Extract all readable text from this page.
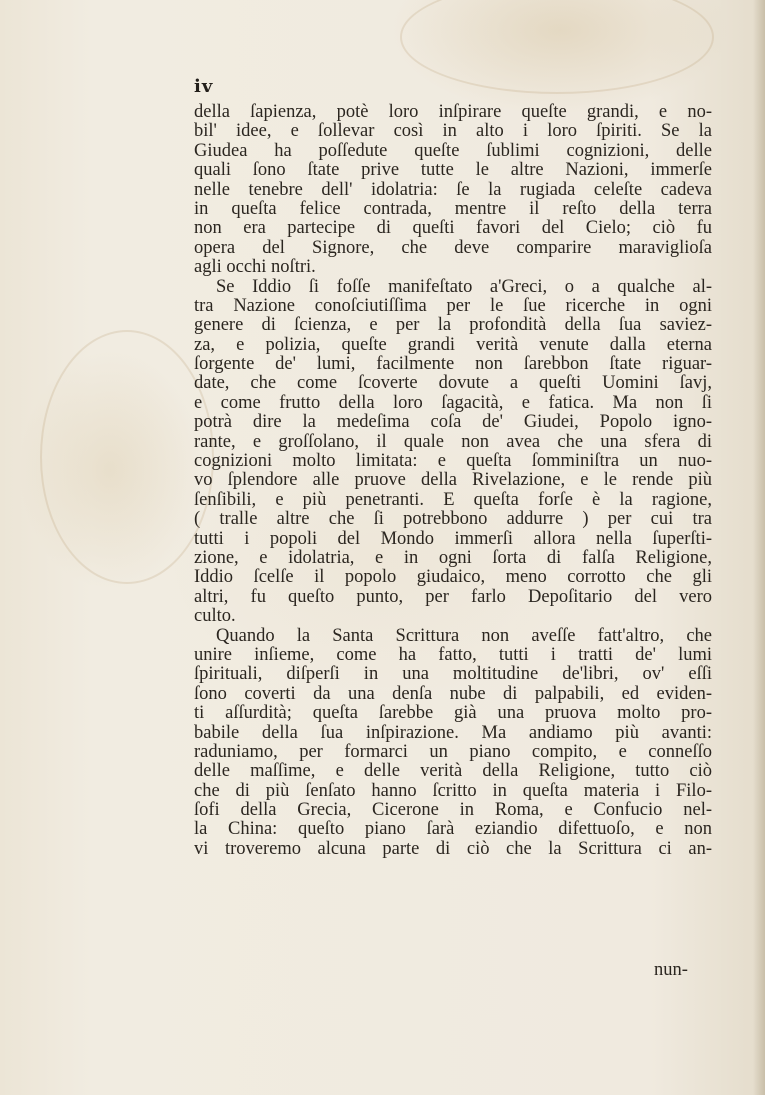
iv
della ſapienza, potè loro inſpirare queſte grandi, e no-
bil' idee, e ſollevar così in alto i loro ſpiriti. Se la
Giudea ha poſſedute queſte ſublimi cognizioni, delle
quali ſono ſtate prive tutte le altre Nazioni, immerſe
nelle tenebre dell' idolatria: ſe la rugiada celeſte cadeva
in queſta felice contrada, mentre il reſto della terra
non era partecipe di queſti favori del Cielo; ciò fu
opera del Signore, che deve comparire maraviglioſa
agli occhi noſtri.
Se Iddio ſi foſſe manifeſtato a'Greci, o a qualche al-
tra Nazione conoſciutiſſima per le ſue ricerche in ogni
genere di ſcienza, e per la profondità della ſua saviez-
za, e polizia, queſte grandi verità venute dalla eterna
ſorgente de' lumi, facilmente non ſarebbon ſtate riguar-
date, che come ſcoverte dovute a queſti Uomini ſavj,
e come frutto della loro ſagacità, e fatica. Ma non ſi
potrà dire la medeſima coſa de' Giudei, Popolo igno-
rante, e groſſolano, il quale non avea che una sfera di
cognizioni molto limitata: e queſta ſomminiſtra un nuo-
vo ſplendore alle pruove della Rivelazione, e le rende più
ſenſibili, e più penetranti. E queſta forſe è la ragione,
( tralle altre che ſi potrebbono addurre ) per cui tra
tutti i popoli del Mondo immerſi allora nella ſuperſti-
zione, e idolatria, e in ogni ſorta di falſa Religione,
Iddio ſcelſe il popolo giudaico, meno corrotto che gli
altri, fu queſto punto, per farlo Depoſitario del vero
culto.
Quando la Santa Scrittura non aveſſe fatt'altro, che
unire inſieme, come ha fatto, tutti i tratti de' lumi
ſpirituali, diſperſi in una moltitudine de'libri, ov' eſſi
ſono coverti da una denſa nube di palpabili, ed eviden-
ti aſſurdità; queſta ſarebbe già una pruova molto pro-
babile della ſua inſpirazione. Ma andiamo più avanti:
raduniamo, per formarci un piano compito, e conneſſo
delle maſſime, e delle verità della Religione, tutto ciò
che di più ſenſato hanno ſcritto in queſta materia i Filo-
ſofi della Grecia, Cicerone in Roma, e Confucio nel-
la China: queſto piano ſarà eziandio difettuoſo, e non
vi troveremo alcuna parte di ciò che la Scrittura ci an-
nun-
